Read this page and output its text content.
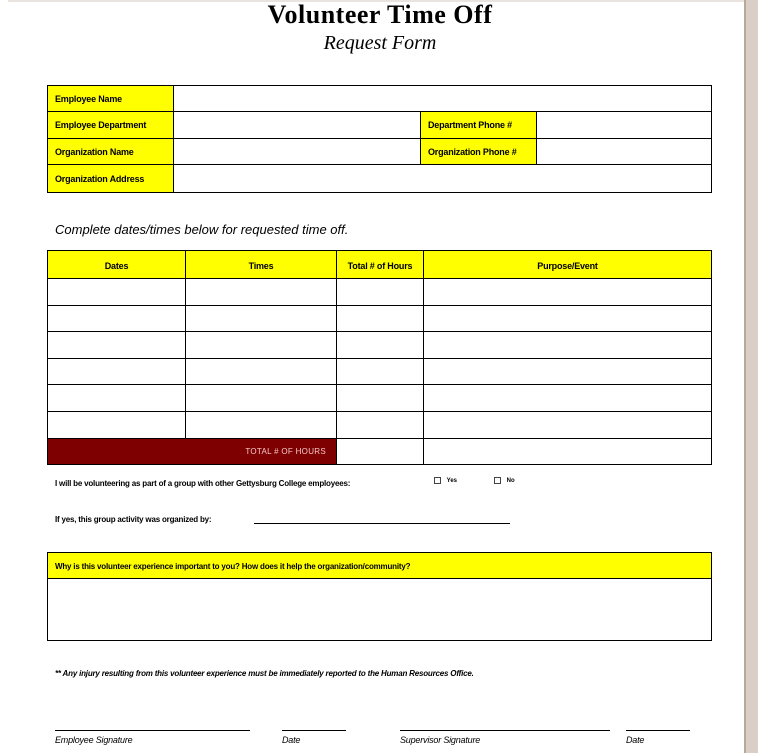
Volunteer Time Off
Request Form
Employee Name
Employee Department	Department Phone #
Organization Name	Organization Phone #
Organization Address
Complete dates/times below for requested time off.
Dates	Times	Total # of Hours	Purpose/Event
TOTAL # OF HOURS
I will be volunteering as part of a group with other Gettysburg College employees:	Yes	No
If yes, this group activity was organized by:
Why is this volunteer experience important to you? How does it help the organization/community?
** Any injury resulting from this volunteer experience must be immediately reported to the Human Resources Office.
Employee Signature	Date	Supervisor Signature	Date
